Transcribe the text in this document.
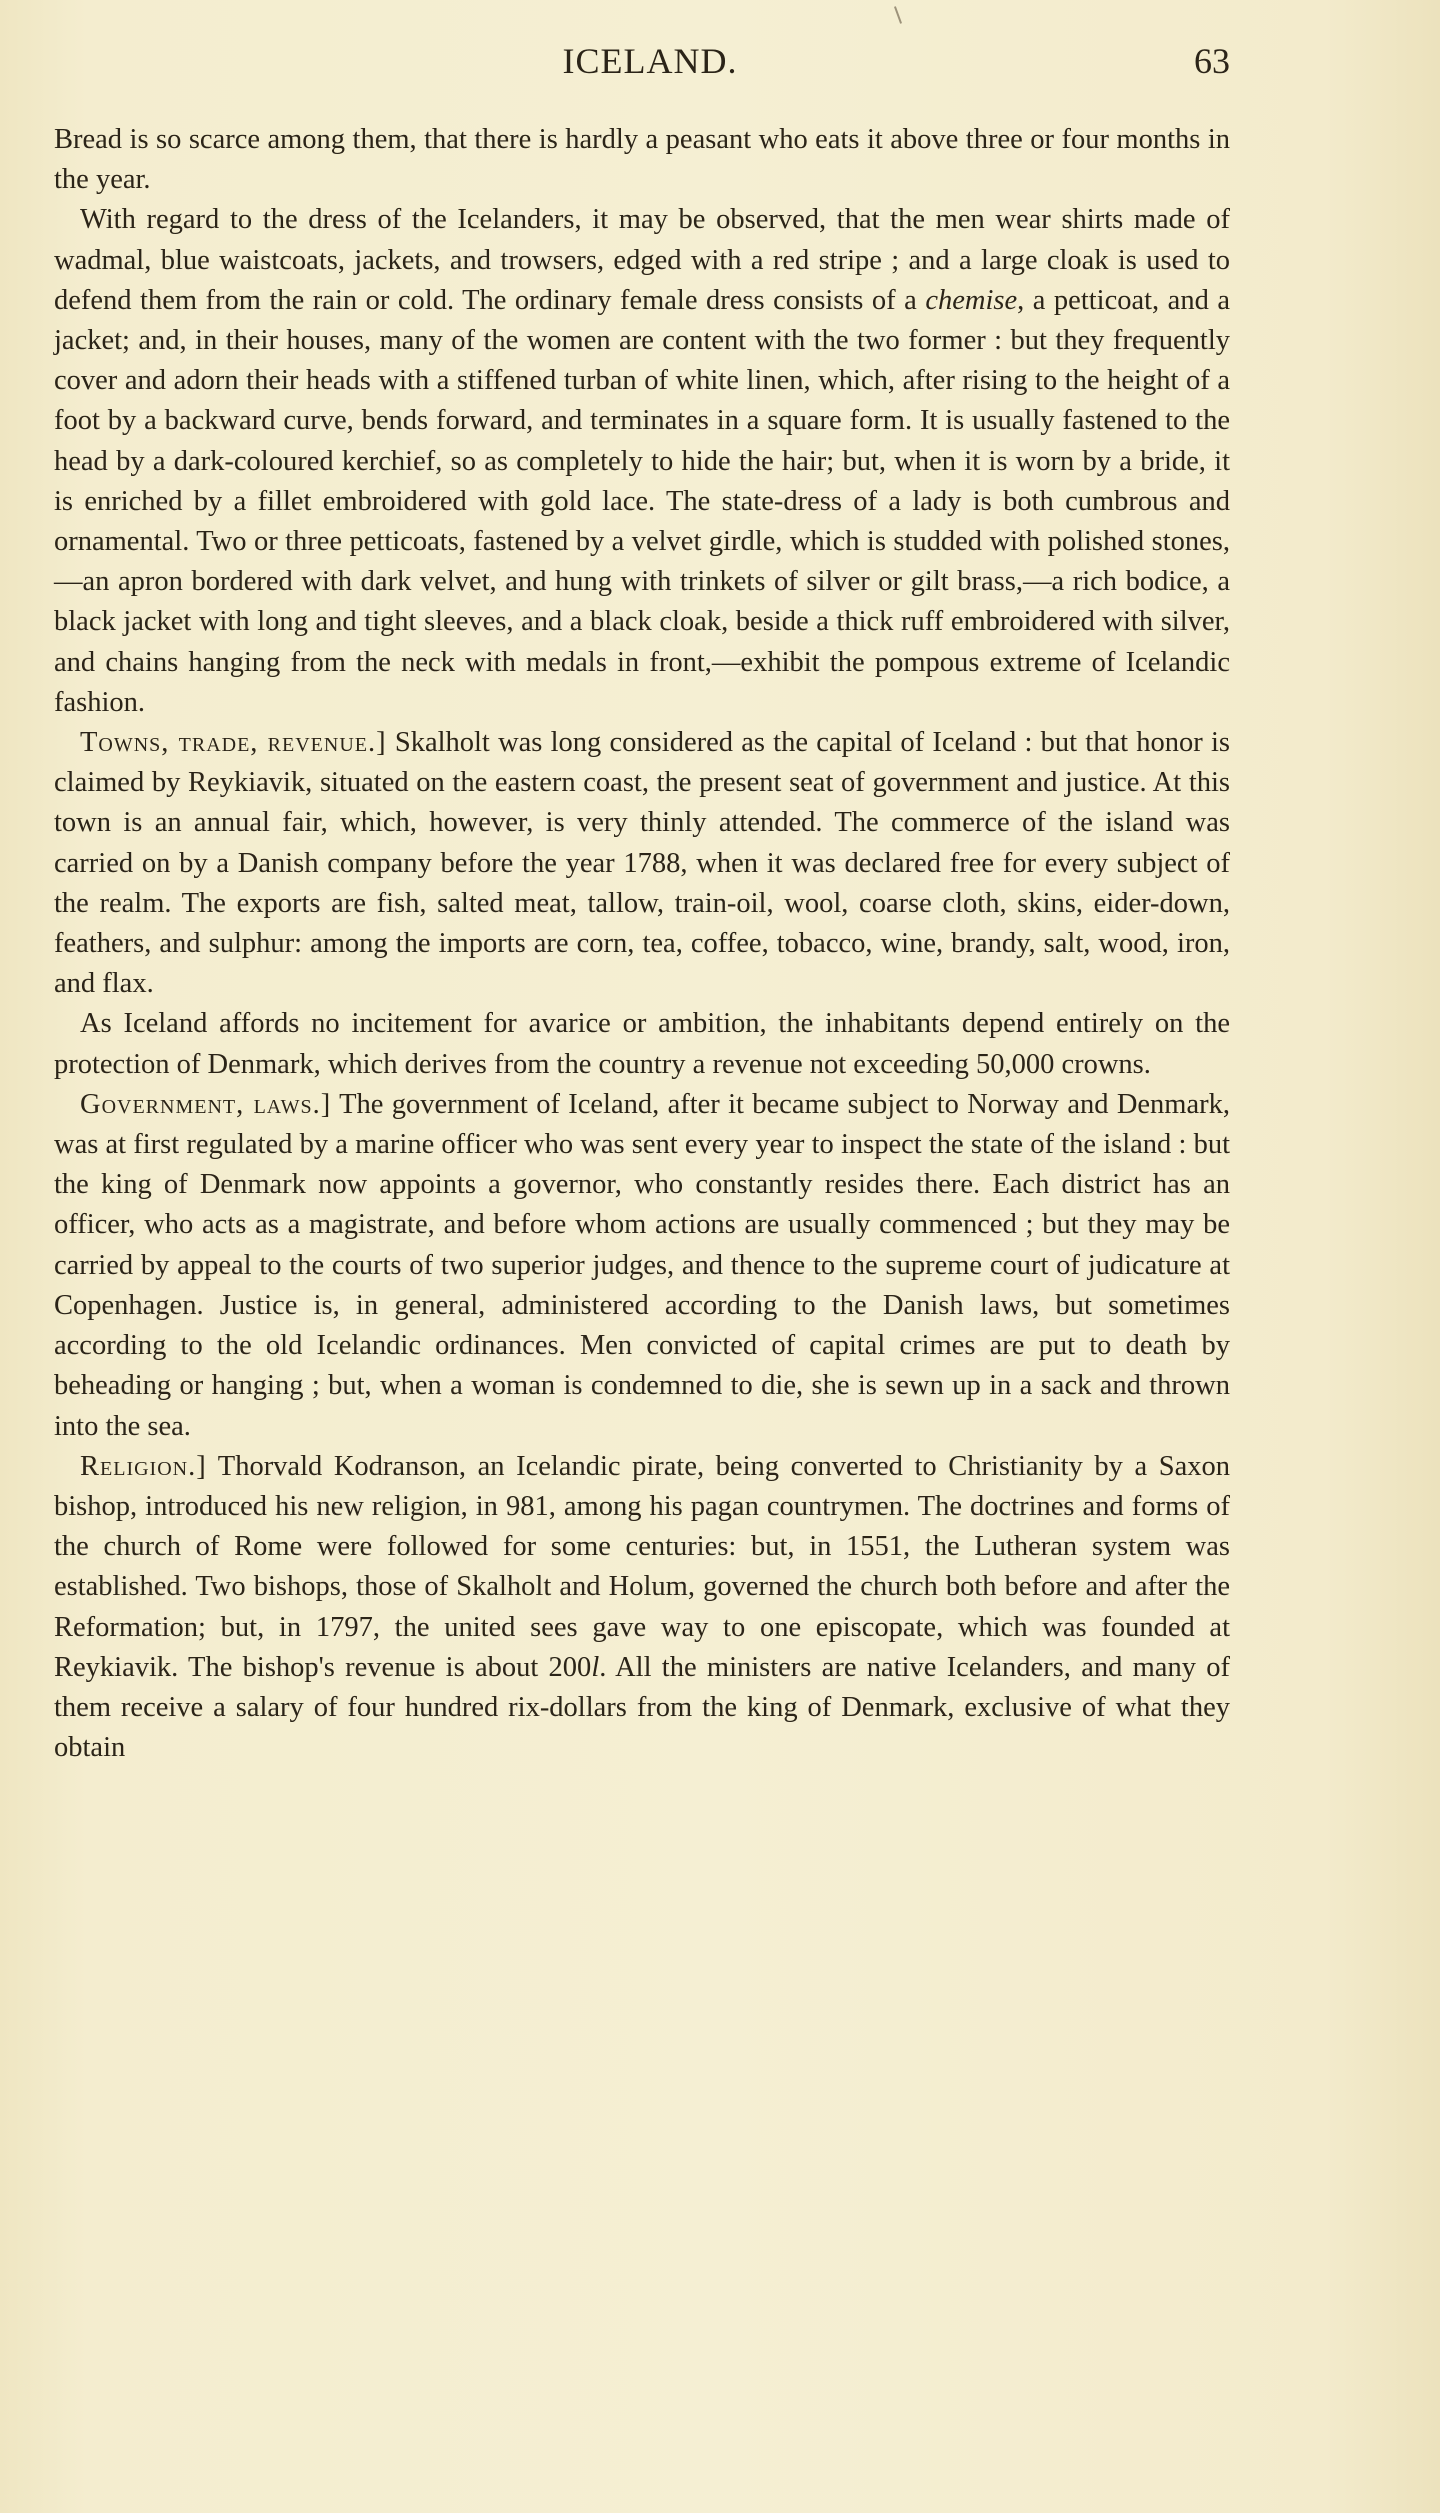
ICELAND.	63

Bread is so scarce among them, that there is hardly a peasant who eats it above three or four months in the year.

With regard to the dress of the Icelanders, it may be observed, that the men wear shirts made of wadmal, blue waistcoats, jackets, and trowsers, edged with a red stripe ; and a large cloak is used to defend them from the rain or cold. The ordinary female dress consists of a chemise, a petticoat, and a jacket; and, in their houses, many of the women are content with the two former : but they frequently cover and adorn their heads with a stiffened turban of white linen, which, after rising to the height of a foot by a backward curve, bends forward, and terminates in a square form. It is usually fastened to the head by a dark-coloured kerchief, so as completely to hide the hair; but, when it is worn by a bride, it is enriched by a fillet embroidered with gold lace. The state-dress of a lady is both cumbrous and ornamental. Two or three petticoats, fastened by a velvet girdle, which is studded with polished stones,—an apron bordered with dark velvet, and hung with trinkets of silver or gilt brass,—a rich bodice, a black jacket with long and tight sleeves, and a black cloak, beside a thick ruff embroidered with silver, and chains hanging from the neck with medals in front,—exhibit the pompous extreme of Icelandic fashion.

Towns, trade, revenue.] Skalholt was long considered as the capital of Iceland : but that honor is claimed by Reykiavik, situated on the eastern coast, the present seat of government and justice. At this town is an annual fair, which, however, is very thinly attended. The commerce of the island was carried on by a Danish company before the year 1788, when it was declared free for every subject of the realm. The exports are fish, salted meat, tallow, train-oil, wool, coarse cloth, skins, eider-down, feathers, and sulphur: among the imports are corn, tea, coffee, tobacco, wine, brandy, salt, wood, iron, and flax.

As Iceland affords no incitement for avarice or ambition, the inhabitants depend entirely on the protection of Denmark, which derives from the country a revenue not exceeding 50,000 crowns.

Government, laws.] The government of Iceland, after it became subject to Norway and Denmark, was at first regulated by a marine officer who was sent every year to inspect the state of the island : but the king of Denmark now appoints a governor, who constantly resides there. Each district has an officer, who acts as a magistrate, and before whom actions are usually commenced ; but they may be carried by appeal to the courts of two superior judges, and thence to the supreme court of judicature at Copenhagen. Justice is, in general, administered according to the Danish laws, but sometimes according to the old Icelandic ordinances. Men convicted of capital crimes are put to death by beheading or hanging ; but, when a woman is condemned to die, she is sewn up in a sack and thrown into the sea.

Religion.] Thorvald Kodranson, an Icelandic pirate, being converted to Christianity by a Saxon bishop, introduced his new religion, in 981, among his pagan countrymen. The doctrines and forms of the church of Rome were followed for some centuries: but, in 1551, the Lutheran system was established. Two bishops, those of Skalholt and Holum, governed the church both before and after the Reformation; but, in 1797, the united sees gave way to one episcopate, which was founded at Reykiavik. The bishop's revenue is about 200l. All the ministers are native Icelanders, and many of them receive a salary of four hundred rix-dollars from the king of Denmark, exclusive of what they obtain
